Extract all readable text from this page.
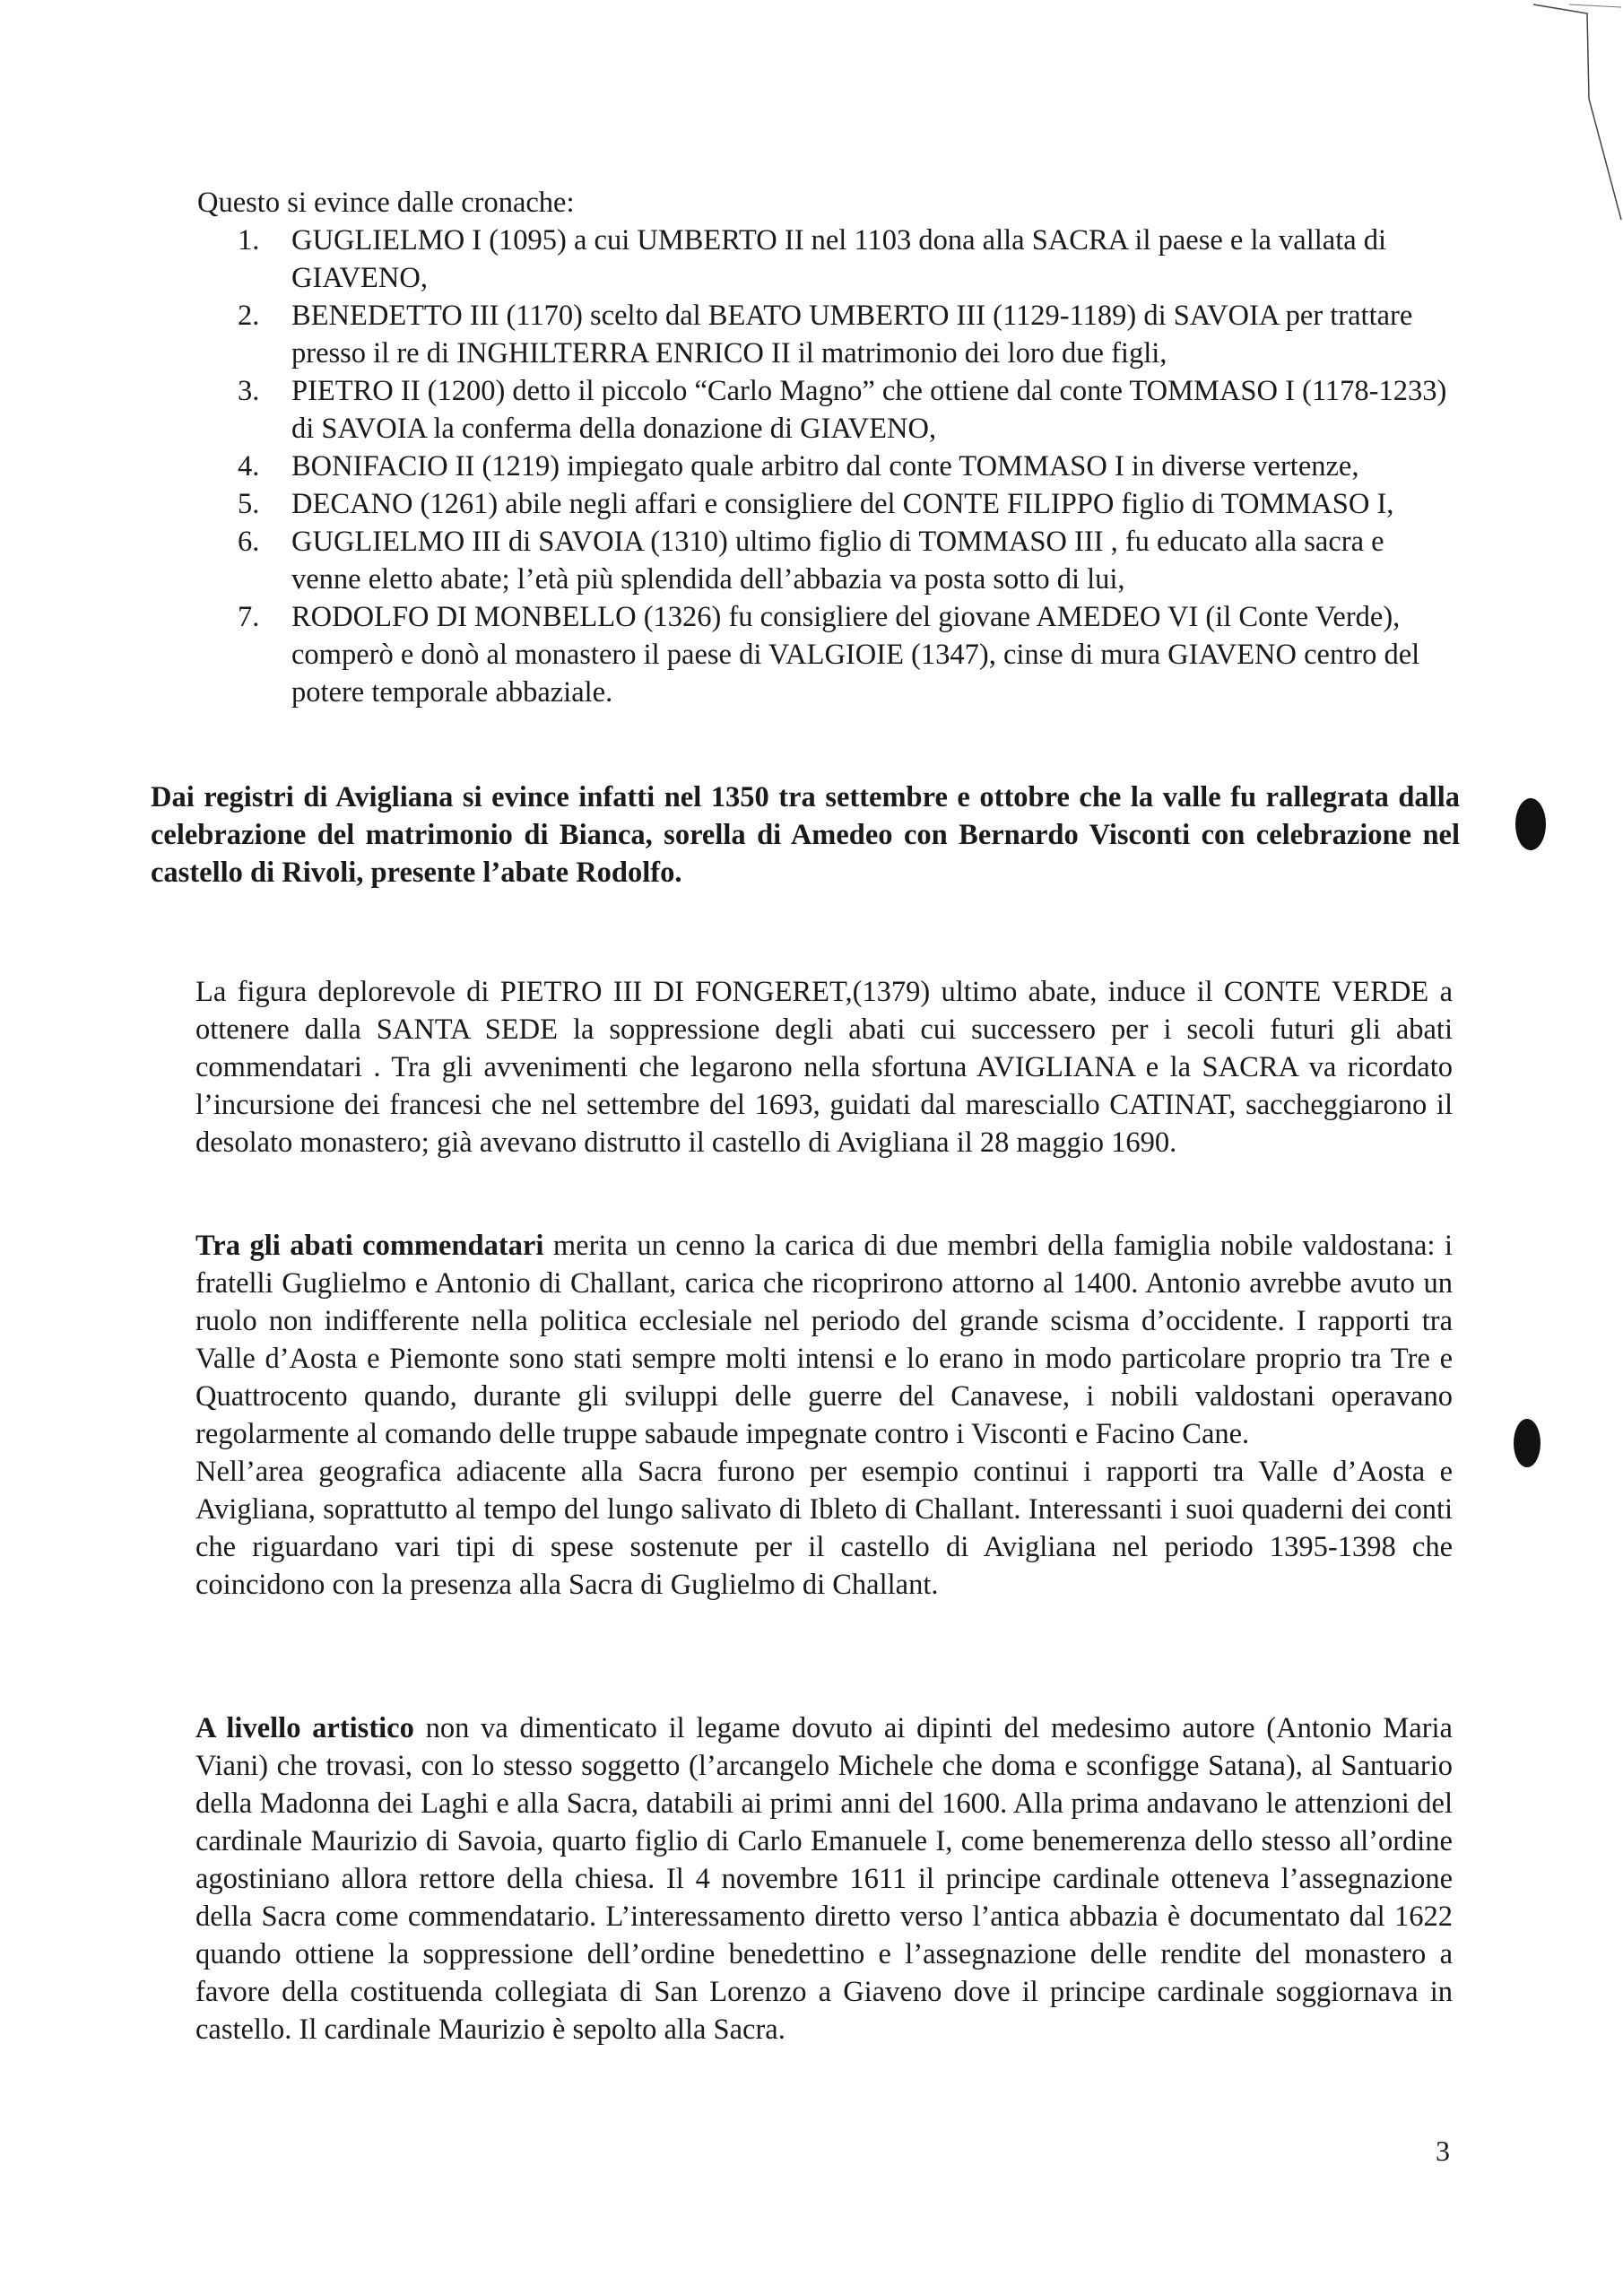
Questo si evince dalle cronache:
1. GUGLIELMO I (1095) a cui UMBERTO II nel 1103 dona alla SACRA il paese e la vallata di GIAVENO,
2. BENEDETTO III (1170) scelto dal BEATO UMBERTO III (1129-1189) di SAVOIA per trattare presso il re di INGHILTERRA ENRICO II il matrimonio dei loro due figli,
3. PIETRO II (1200) detto il piccolo “Carlo Magno” che ottiene dal conte TOMMASO I (1178-1233) di SAVOIA la conferma della donazione di GIAVENO,
4. BONIFACIO II (1219) impiegato quale arbitro dal conte TOMMASO I in diverse vertenze,
5. DECANO (1261) abile negli affari e consigliere del CONTE FILIPPO figlio di TOMMASO I,
6. GUGLIELMO III di SAVOIA (1310) ultimo figlio di TOMMASO III , fu educato alla sacra e venne eletto abate; l’età più splendida dell’abbazia va posta sotto di lui,
7. RODOLFO DI MONBELLO (1326) fu consigliere del giovane AMEDEO VI (il Conte Verde), comperò e donò al monastero il paese di VALGIOIE (1347), cinse di mura GIAVENO centro del potere temporale abbaziale.
Dai registri di Avigliana si evince infatti nel 1350 tra settembre e ottobre che la valle fu rallegrata dalla celebrazione del matrimonio di Bianca, sorella di Amedeo con Bernardo Visconti con celebrazione nel castello di Rivoli, presente l’abate Rodolfo.
La figura deplorevole di PIETRO III DI FONGERET,(1379) ultimo abate, induce il CONTE VERDE a ottenere dalla SANTA SEDE la soppressione degli abati cui successero per i secoli futuri gli abati commendatari . Tra gli avvenimenti che legarono nella sfortuna AVIGLIANA e la SACRA va ricordato l’incursione dei francesi che nel settembre del 1693, guidati dal maresciallo CATINAT, saccheggiarono il desolato monastero; già avevano distrutto il castello di Avigliana il 28 maggio 1690.

Tra gli abati commendatari merita un cenno la carica di due membri della famiglia nobile valdostana: i fratelli Guglielmo e Antonio di Challant, carica che ricoprirono attorno al 1400. Antonio avrebbe avuto un ruolo non indifferente nella politica ecclesiale nel periodo del grande scisma d’occidente. I rapporti tra Valle d’Aosta e Piemonte sono stati sempre molti intensi e lo erano in modo particolare proprio tra Tre e Quattrocento quando, durante gli sviluppi delle guerre del Canavese, i nobili valdostani operavano regolarmente al comando delle truppe sabaude impegnate contro i Visconti e Facino Cane.

Nell’area geografica adiacente alla Sacra furono per esempio continui i rapporti tra Valle d’Aosta e Avigliana, soprattutto al tempo del lungo salivato di Ibleto di Challant. Interessanti i suoi quaderni dei conti che riguardano vari tipi di spese sostenute per il castello di Avigliana nel periodo 1395-1398 che coincidono con la presenza alla Sacra di Guglielmo di Challant.

A livello artistico non va dimenticato il legame dovuto ai dipinti del medesimo autore (Antonio Maria Viani) che trovasi, con lo stesso soggetto (l’arcangelo Michele che doma e sconfigge Satana), al Santuario della Madonna dei Laghi e alla Sacra, databili ai primi anni del 1600. Alla prima andavano le attenzioni del cardinale Maurizio di Savoia, quarto figlio di Carlo Emanuele I, come benemerenza dello stesso all’ordine agostiniano allora rettore della chiesa. Il 4 novembre 1611 il principe cardinale otteneva l’assegnazione della Sacra come commendatario. L’interessamento diretto verso l’antica abbazia è documentato dal 1622 quando ottiene la soppressione dell’ordine benedettino e l’assegnazione delle rendite del monastero a favore della costituenda collegiata di San Lorenzo a Giaveno dove il principe cardinale soggiornava in castello. Il cardinale Maurizio è sepolto alla Sacra.

3
